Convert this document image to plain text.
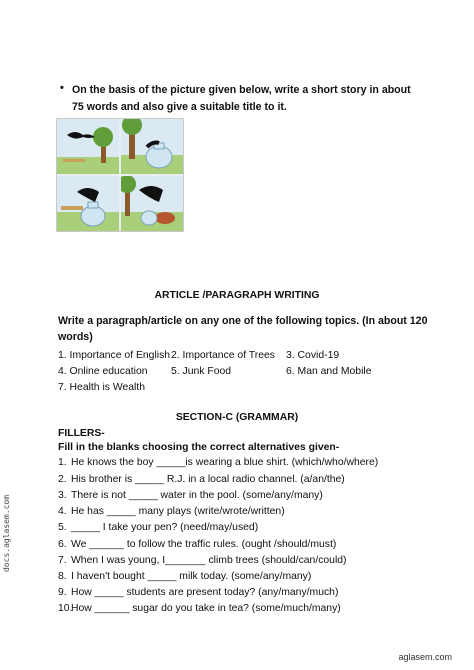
• On the basis of the picture given below, write a short story in about 75 words and also give a suitable title to it.
ARTICLE /PARAGRAPH WRITING
Write a paragraph/article on any one of the following topics. (In about 120 words)
1. Importance of English 2. Importance of Trees 3. Covid-19
4. Online education 5. Junk Food	6. Man and Mobile
7. Health is Wealth
SECTION-C (GRAMMAR)
FILLERS-
Fill in the blanks choosing the correct alternatives given-
1. He knows the boy _____is wearing a blue shirt. (which/who/where)
2. His brother is _____ R.J. in a local radio channel. (a/an/the)
3. There is not _____ water in the pool. (some/any/many)
4. He has _____ many plays (write/wrote/written)
5. _____ I take your pen? (need/may/used)
6. We ______ to follow the traffic rules. (ought /should/must)
7. When I was young, I_______ climb trees (should/can/could)
8. I haven't bought _____ milk today. (some/any/many)
9. How _____ students are present today? (any/many/much)
10.
How ______ sugar do you take in tea? (some/much/many)
docs.aglasem.com
aglasem.com
